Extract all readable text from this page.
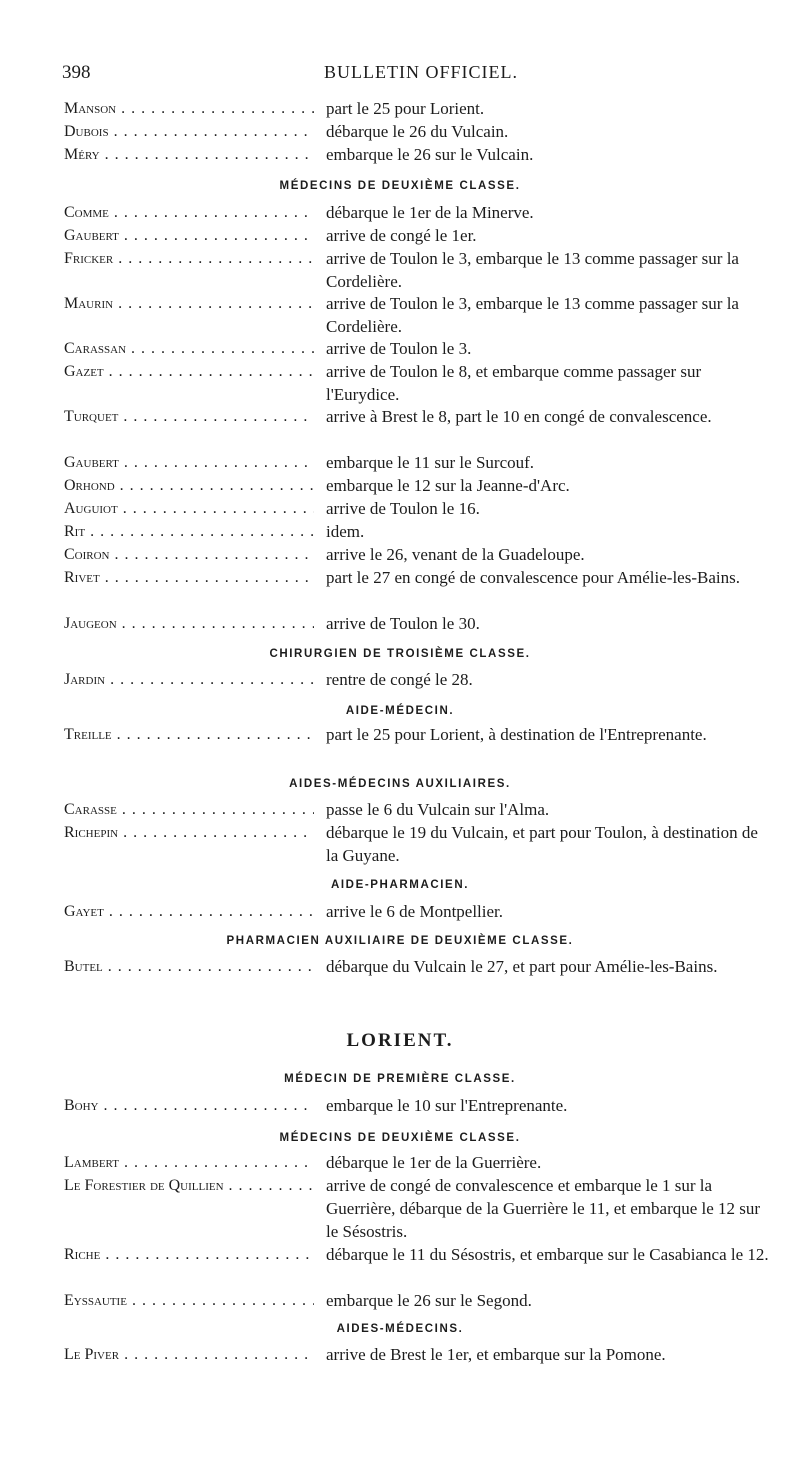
398	BULLETIN OFFICIEL.
Manson . . .	part le 25 pour Lorient.
Dubois . . .	débarque le 26 du Vulcain.
Méry . . .	embarque le 26 sur le Vulcain.
MÉDECINS DE DEUXIÈME CLASSE.
Comme . . .	débarque le 1er de la Minerve.
Gaubert . . .	arrive de congé le 1er.
Fricker . . .	arrive de Toulon le 3, embarque le 13 comme passager sur la Cordelière.
Maurin . . .	arrive de Toulon le 3, embarque le 13 comme passager sur la Cordelière.
Carassan . . .	arrive de Toulon le 3.
Gazet . . .	arrive de Toulon le 8, et embarque comme passager sur l'Eurydice.
Turquet . . .	arrive à Brest le 8, part le 10 en congé de convalescence.
Gaubert . . .	embarque le 11 sur le Surcouf.
Orhond . . .	embarque le 12 sur la Jeanne-d'Arc.
Auguiot . . .	arrive de Toulon le 16.
Rit . . .	idem.
Coiron . . .	arrive le 26, venant de la Guadeloupe.
Rivet . . .	part le 27 en congé de convalescence pour Amélie-les-Bains.
Jaugeon . . .	arrive de Toulon le 30.
CHIRURGIEN DE TROISIÈME CLASSE.
Jardin . . .	rentre de congé le 28.
AIDE-MÉDECIN.
Treille . . .	part le 25 pour Lorient, à destination de l'Entreprenante.
AIDES-MÉDECINS AUXILIAIRES.
Carasse . . .	passe le 6 du Vulcain sur l'Alma.
Richepin . . .	débarque le 19 du Vulcain, et part pour Toulon, à destination de la Guyane.
AIDE-PHARMACIEN.
Gayet . . .	arrive le 6 de Montpellier.
PHARMACIEN AUXILIAIRE DE DEUXIÈME CLASSE.
Butel . . .	débarque du Vulcain le 27, et part pour Amélie-les-Bains.
LORIENT.
MÉDECIN DE PREMIÈRE CLASSE.
Bohy . . .	embarque le 10 sur l'Entreprenante.
MÉDECINS DE DEUXIÈME CLASSE.
Lambert . . .	débarque le 1er de la Guerrière.
Le Forestier de Quillien . . .	arrive de congé de convalescence et embarque le 1 sur la Guerrière, débarque de la Guerrière le 11, et embarque le 12 sur le Sésostris.
Riche . . .	débarque le 11 du Sésostris, et embarque sur le Casabianca le 12.
Eyssautie . . .	embarque le 26 sur le Segond.
AIDES-MÉDECINS.
Le Piver . . .	arrive de Brest le 1er, et embarque sur la Pomone.
